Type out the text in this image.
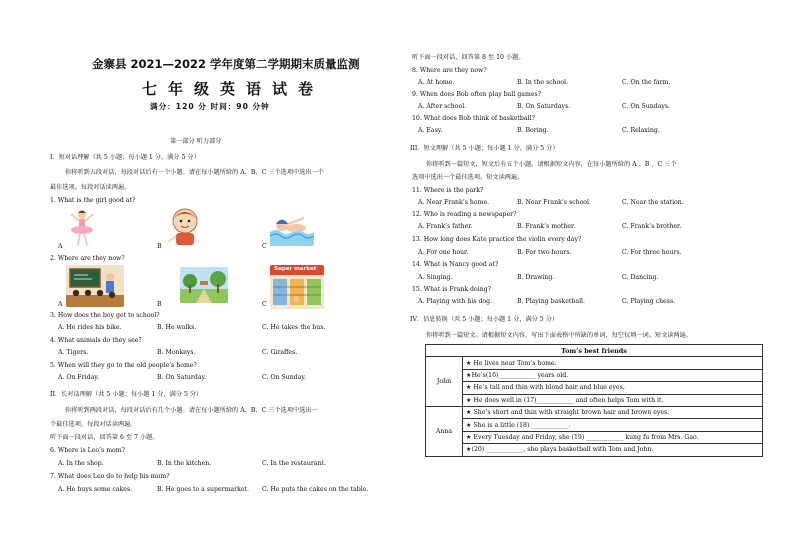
金寨县 2021—2022 学年度第二学期期末质量监测
七年级英语试卷
满分：120 分 时间：90 分钟
第一部分 听力部分
I．短对话理解（共 5 小题；每小题 1 分，满分 5 分）
你将听到五段对话，每段对话后有一个小题。请在每小题所给的 A、B、C 三个选项中选出一个
最佳选项。每段对话读两遍。
1. What is the girl good at?
A	B	C
2. Where are they now?
A	B	C
Super market
3. How does the boy get to school?
A. He rides his bike.	B. He walks.	C. He takes the bus.
4. What animals do they see?
A. Tigers.	B. Monkeys.	C. Giraffes.
5. When will they go to the old people’s home?
A. On Friday.	B. On Saturday.	C. On Sunday.
II．长对话理解（共 5 小题；每小题 1 分，满分 5 分）
你将听到两段对话，每段对话后有几个小题。请在每小题所给的 A、B、C 三个选项中选出一
个最佳选项。每段对话读两遍。
听下面一段对话，回答第 6 至 7 小题。
6. Where is Leo’s mom?
A. In the shop.	B. In the kitchen.	C. In the restaurant.
7. What does Leo do to help his mom?
A. He buys some cakes.	B. He goes to a supermarket. C. He puts the cakes on the table.
听下面一段对话，回答第 8 至 10 小题。
8. Where are they now?
A. At home.	B. In the school.	C. On the farm.
9. When does Bob often play ball games?
A. After school.	B. On Saturdays.	C. On Sundays.
10. What does Bob think of basketball?
A. Easy.	B. Boring.	C. Relaxing.
III．短文理解（共 5 小题；每小题 1 分，满分 5 分）
你将听到一篇短文，短文后有五个小题。请根据短文内容，在每小题所给的 A 、B 、C 三个
选项中选出一个最佳选项。短文读两遍。
11. Where is the park?
A. Near Frank’s home.	B. Near Frank’s school.	C. Near the station.
12. Who is reading a newspaper?
A. Frank’s father.	B. Frank’s mother.	C. Frank’s brother.
13. How long does Kate practice the violin every day?
A. For one hour.	B. For two hours.	C. For three hours.
14. What is Nancy good at?
A. Singing.	B. Drawing.	C. Dancing.
15. What is Frank doing?
A. Playing with his dog.	B. Playing basketball.	C. Playing chess.
IV．信息转换（共 5 小题；每小题 1 分，满分 5 分）
你将听到一篇短文。请根据短文内容，写出下面表格中所缺的单词，每空仅填一词。短文读两遍。
Tom’s best friends	
John	★ He lives near Tom’s home.
	★He’s(16)____________ years old.
	★ He’s tall and thin with blond hair and blue eyes.
	★ He does well in (17)____________ and often helps Tom with it.
Anna	★ She’s short and thin with straight brown hair and brown eyes.
	★ She is a little (18) ____________.
	★ Every Tuesday and Friday, she (19) ____________ kung fu from Mrs. Gao.
	★(20) ____________, she plays basketball with Tom and John.
